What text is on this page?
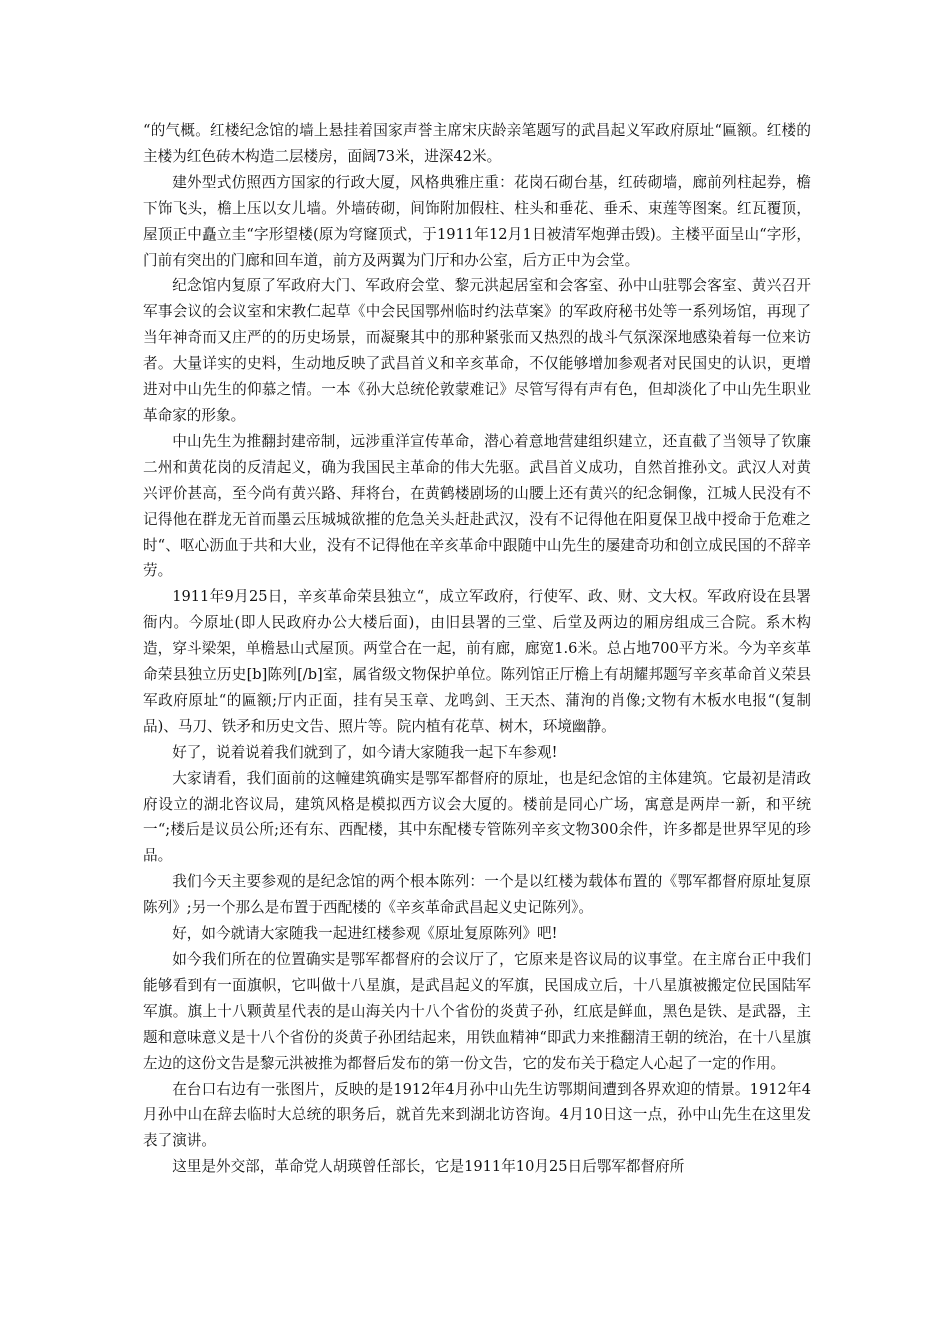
“的气概。红楼纪念馆的墙上悬挂着国家声誉主席宋庆龄亲笔题写的武昌起义军政府原址“匾额。红楼的主楼为红色砖木构造二层楼房，面阔73米，进深42米。

建外型式仿照西方国家的行政大厦，风格典雅庄重：花岗石砌台基，红砖砌墙，廊前列柱起券，檐下饰飞头，檐上压以女儿墙。外墙砖砌，间饰附加假柱、柱头和垂花、垂禾、束莲等图案。红瓦覆顶，屋顶正中矗立圭“字形望楼(原为穹窿顶式，于1911年12月1日被清军炮弹击毁)。主楼平面呈山“字形，门前有突出的门廊和回车道，前方及两翼为门厅和办公室，后方正中为会堂。

纪念馆内复原了军政府大门、军政府会堂、黎元洪起居室和会客室、孙中山驻鄂会客室、黄兴召开军事会议的会议室和宋教仁起草《中会民国鄂州临时约法草案》的军政府秘书处等一系列场馆，再现了当年神奇而又庄严的的历史场景，而凝聚其中的那种紧张而又热烈的战斗气氛深深地感染着每一位来访者。大量详实的史料，生动地反映了武昌首义和辛亥革命，不仅能够增加参观者对民国史的认识，更增进对中山先生的仰慕之情。一本《孙大总统伦敦蒙难记》尽管写得有声有色，但却淡化了中山先生职业革命家的形象。

中山先生为推翻封建帝制，远涉重洋宣传革命，潜心着意地营建组织建立，还直截了当领导了钦廉二州和黄花岗的反清起义，确为我国民主革命的伟大先驱。武昌首义成功，自然首推孙文。武汉人对黄兴评价甚高，至今尚有黄兴路、拜将台，在黄鹤楼剧场的山腰上还有黄兴的纪念铜像，江城人民没有不记得他在群龙无首而墨云压城城欲摧的危急关头赶赴武汉，没有不记得他在阳夏保卫战中授命于危难之时“、呕心沥血于共和大业，没有不记得他在辛亥革命中跟随中山先生的屡建奇功和创立成民国的不辞辛劳。

1911年9月25日，辛亥革命荣县独立“，成立军政府，行使军、政、财、文大权。军政府设在县署衙内。今原址(即人民政府办公大楼后面)，由旧县署的三堂、后堂及两边的厢房组成三合院。系木构造，穿斗梁架，单檐悬山式屋顶。两堂合在一起，前有廊，廊宽1.6米。总占地700平方米。今为辛亥革命荣县独立历史[b]陈列[/b]室，属省级文物保护单位。陈列馆正厅檐上有胡耀邦题写辛亥革命首义荣县军政府原址“的匾额;厅内正面，挂有吴玉章、龙鸣剑、王天杰、蒲洵的肖像;文物有木板水电报“(复制品)、马刀、铁矛和历史文告、照片等。院内植有花草、树木，环境幽静。

好了，说着说着我们就到了，如今请大家随我一起下车参观!

大家请看，我们面前的这幢建筑确实是鄂军都督府的原址，也是纪念馆的主体建筑。它最初是清政府设立的湖北咨议局，建筑风格是模拟西方议会大厦的。楼前是同心广场，寓意是两岸一新，和平统一“;楼后是议员公所;还有东、西配楼，其中东配楼专管陈列辛亥文物300余件，许多都是世界罕见的珍品。

我们今天主要参观的是纪念馆的两个根本陈列：一个是以红楼为载体布置的《鄂军都督府原址复原陈列》;另一个那么是布置于西配楼的《辛亥革命武昌起义史记陈列》。

好，如今就请大家随我一起进红楼参观《原址复原陈列》吧!

如今我们所在的位置确实是鄂军都督府的会议厅了，它原来是咨议局的议事堂。在主席台正中我们能够看到有一面旗帜，它叫做十八星旗，是武昌起义的军旗，民国成立后，十八星旗被搬定位民国陆军军旗。旗上十八颗黄星代表的是山海关内十八个省份的炎黄子孙，红底是鲜血，黑色是铁、是武器，主题和意味意义是十八个省份的炎黄子孙团结起来，用铁血精神“即武力来推翻清王朝的统治，在十八星旗左边的这份文告是黎元洪被推为都督后发布的第一份文告，它的发布关于稳定人心起了一定的作用。

在台口右边有一张图片，反映的是1912年4月孙中山先生访鄂期间遭到各界欢迎的情景。1912年4月孙中山在辞去临时大总统的职务后，就首先来到湖北访咨询。4月10日这一点，孙中山先生在这里发表了演讲。

这里是外交部，革命党人胡瑛曾任部长，它是1911年10月25日后鄂军都督府所
